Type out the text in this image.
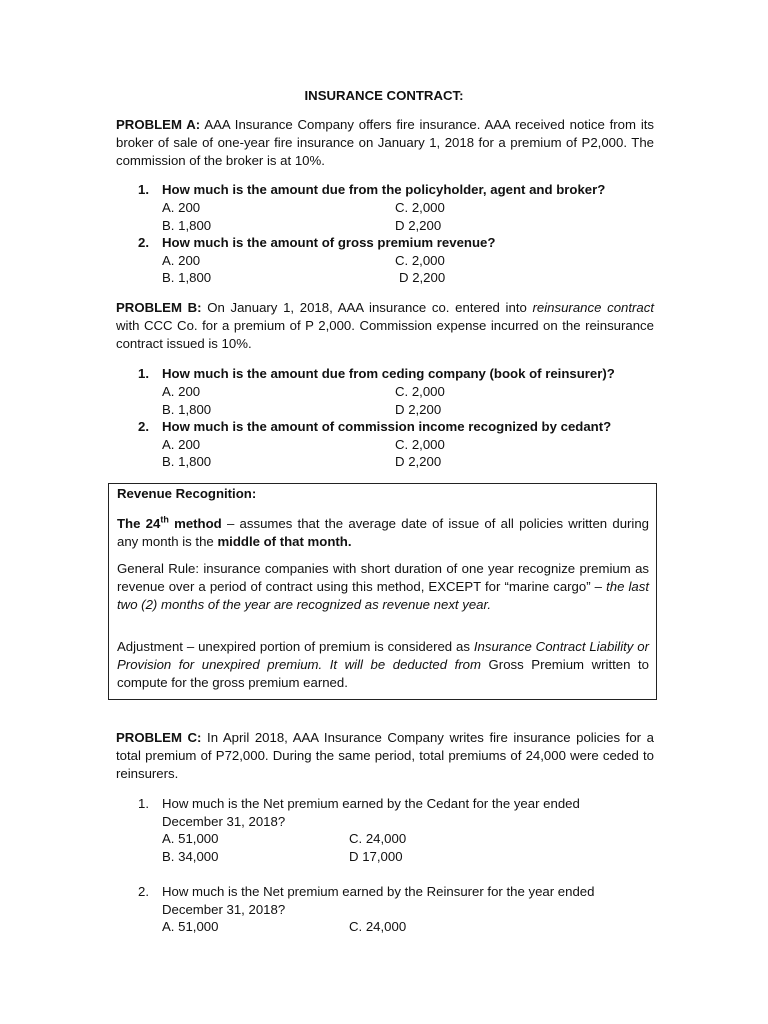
INSURANCE CONTRACT:

PROBLEM A: AAA Insurance Company offers fire insurance. AAA received notice from its broker of sale of one-year fire insurance on January 1, 2018 for a premium of P2,000. The commission of the broker is at 10%.

1. How much is the amount due from the policyholder, agent and broker?
A. 200	C. 2,000
B. 1,800	D 2,200
2. How much is the amount of gross premium revenue?
A. 200	C. 2,000
B. 1,800	D 2,200

PROBLEM B: On January 1, 2018, AAA insurance co. entered into reinsurance contract with CCC Co. for a premium of P 2,000. Commission expense incurred on the reinsurance contract issued is 10%.

1. How much is the amount due from ceding company (book of reinsurer)?
A. 200	C. 2,000
B. 1,800	D 2,200
2. How much is the amount of commission income recognized by cedant?
A. 200	C. 2,000
B. 1,800	D 2,200

Revenue Recognition:

The 24th method – assumes that the average date of issue of all policies written during any month is the middle of that month.

General Rule: insurance companies with short duration of one year recognize premium as revenue over a period of contract using this method, EXCEPT for “marine cargo” – the last two (2) months of the year are recognized as revenue next year.

Adjustment – unexpired portion of premium is considered as Insurance Contract Liability or Provision for unexpired premium. It will be deducted from Gross Premium written to compute for the gross premium earned.

PROBLEM C: In April 2018, AAA Insurance Company writes fire insurance policies for a total premium of P72,000. During the same period, total premiums of 24,000 were ceded to reinsurers.

1. How much is the Net premium earned by the Cedant for the year ended
December 31, 2018?
A. 51,000	C. 24,000
B. 34,000	D 17,000
2. How much is the Net premium earned by the Reinsurer for the year ended
December 31, 2018?
A. 51,000	C. 24,000
